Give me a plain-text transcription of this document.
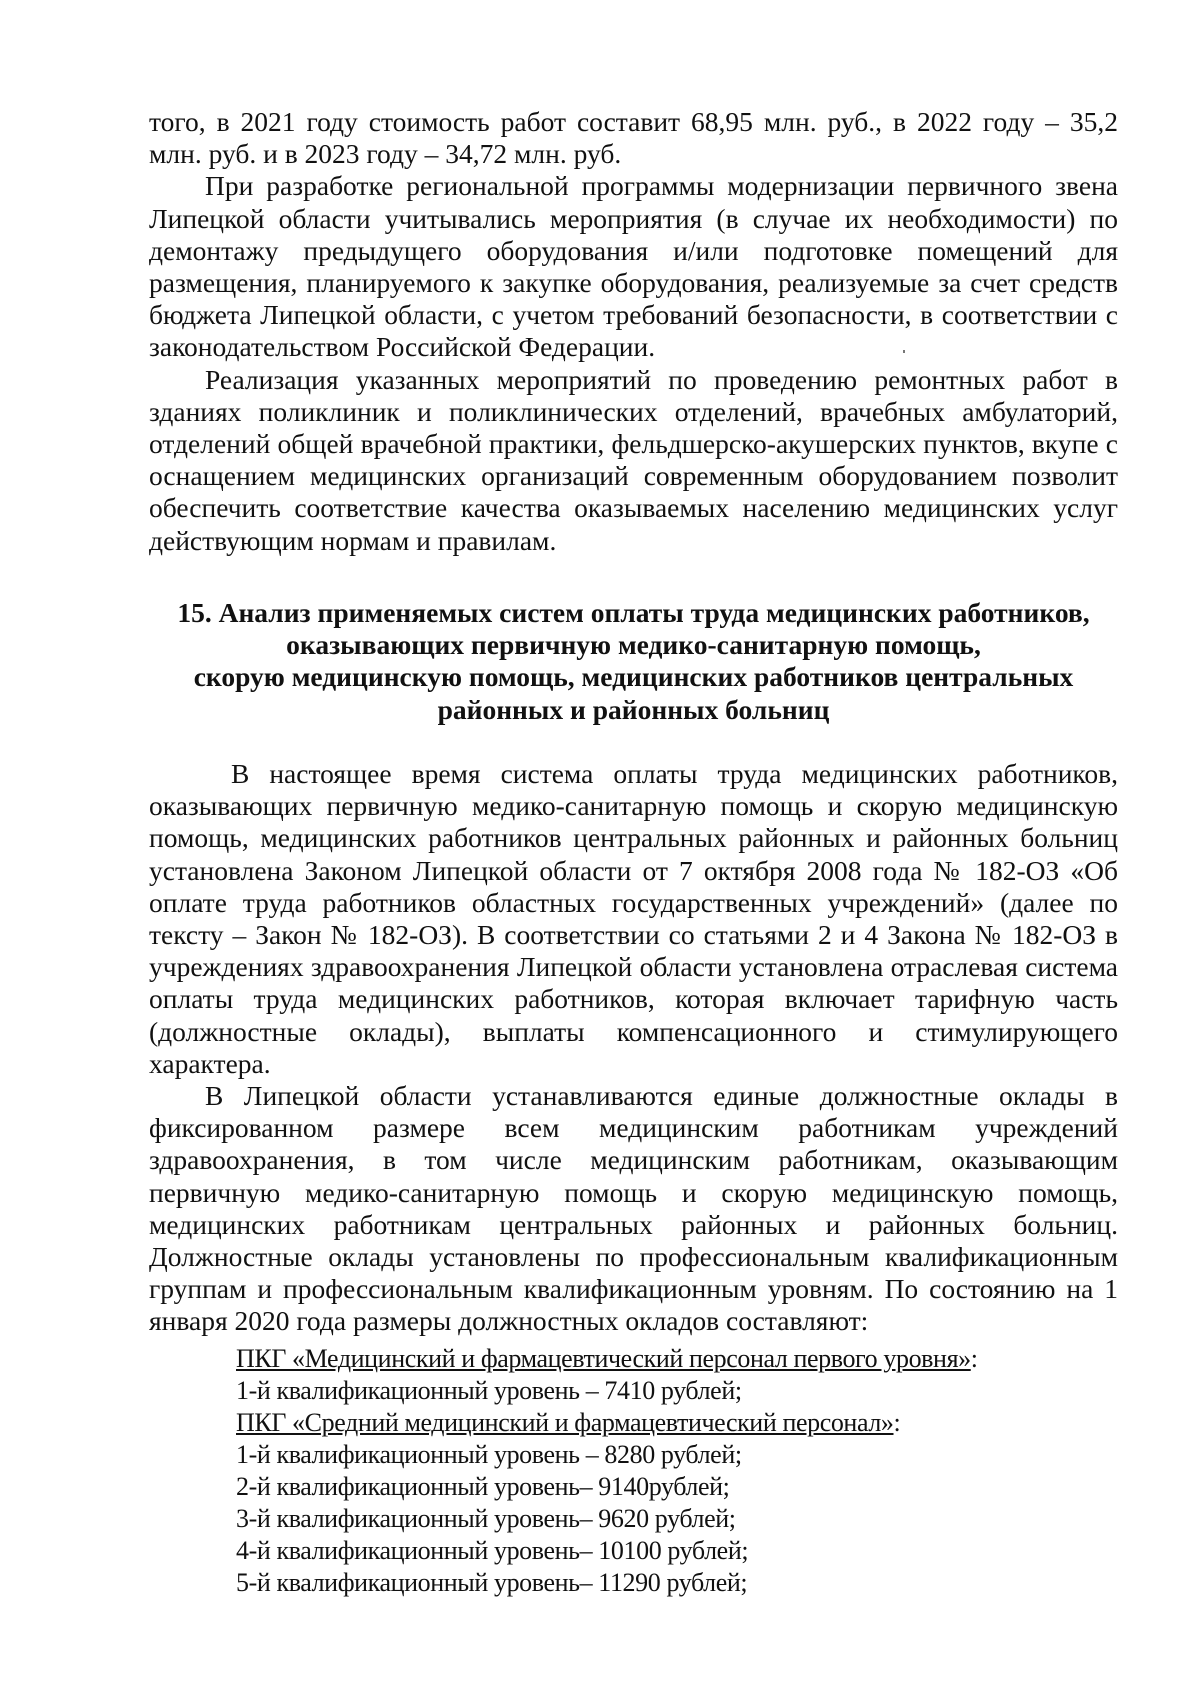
того, в 2021 году стоимость работ составит 68,95 млн. руб., в 2022 году – 35,2 млн. руб. и в 2023 году – 34,72 млн. руб.

При разработке региональной программы модернизации первичного звена Липецкой области учитывались мероприятия (в случае их необходимости) по демонтажу предыдущего оборудования и/или подготовке помещений для размещения, планируемого к закупке оборудования, реализуемые за счет средств бюджета Липецкой области, с учетом требований безопасности, в соответствии с законодательством Российской Федерации.

Реализация указанных мероприятий по проведению ремонтных работ в зданиях поликлиник и поликлинических отделений, врачебных амбулаторий, отделений общей врачебной практики, фельдшерско-акушерских пунктов, вкупе с оснащением медицинских организаций современным оборудованием позволит обеспечить соответствие качества оказываемых населению медицинских услуг действующим нормам и правилам.

15. Анализ применяемых систем оплаты труда медицинских работников,
оказывающих первичную медико-санитарную помощь,
скорую медицинскую помощь, медицинских работников центральных
районных и районных больниц

В настоящее время система оплаты труда медицинских работников, оказывающих первичную медико-санитарную помощь и скорую медицинскую помощь, медицинских работников центральных районных и районных больниц установлена Законом Липецкой области от 7 октября 2008 года № 182-ОЗ «Об оплате труда работников областных государственных учреждений» (далее по тексту – Закон № 182-ОЗ). В соответствии со статьями 2 и 4 Закона № 182-ОЗ в учреждениях здравоохранения Липецкой области установлена отраслевая система оплаты труда медицинских работников, которая включает тарифную часть (должностные оклады), выплаты компенсационного и стимулирующего характера.

В Липецкой области устанавливаются единые должностные оклады в фиксированном размере всем медицинским работникам учреждений здравоохранения, в том числе медицинским работникам, оказывающим первичную медико-санитарную помощь и скорую медицинскую помощь, медицинских работникам центральных районных и районных больниц. Должностные оклады установлены по профессиональным квалификационным группам и профессиональным квалификационным уровням. По состоянию на 1 января 2020 года размеры должностных окладов составляют:

ПКГ «Медицинский и фармацевтический персонал первого уровня»:
1-й квалификационный уровень – 7410 рублей;
ПКГ «Средний медицинский и фармацевтический персонал»:
1-й квалификационный уровень – 8280 рублей;
2-й квалификационный уровень– 9140рублей;
3-й квалификационный уровень– 9620 рублей;
4-й квалификационный уровень– 10100 рублей;
5-й квалификационный уровень– 11290 рублей;
